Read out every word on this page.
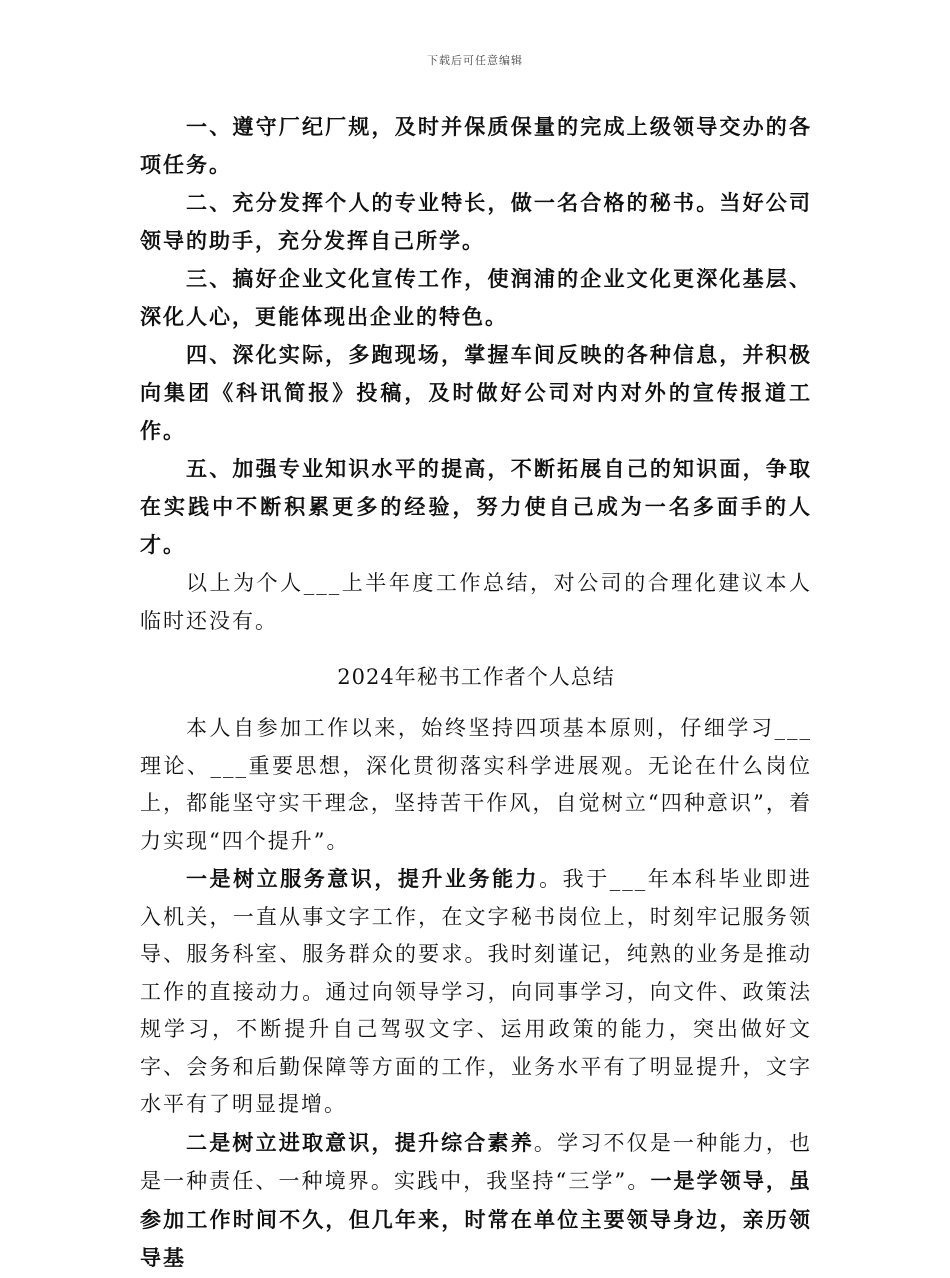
下载后可任意编辑

一、遵守厂纪厂规，及时并保质保量的完成上级领导交办的各项任务。

二、充分发挥个人的专业特长，做一名合格的秘书。当好公司领导的助手，充分发挥自己所学。

三、搞好企业文化宣传工作，使润浦的企业文化更深化基层、深化人心，更能体现出企业的特色。

四、深化实际，多跑现场，掌握车间反映的各种信息，并积极向集团《科讯简报》投稿，及时做好公司对内对外的宣传报道工作。

五、加强专业知识水平的提高，不断拓展自己的知识面，争取在实践中不断积累更多的经验，努力使自己成为一名多面手的人才。

以上为个人___上半年度工作总结，对公司的合理化建议本人临时还没有。

2024年秘书工作者个人总结

本人自参加工作以来，始终坚持四项基本原则，仔细学习___理论、___重要思想，深化贯彻落实科学进展观。无论在什么岗位上，都能坚守实干理念，坚持苦干作风，自觉树立“四种意识”，着力实现“四个提升”。

一是树立服务意识，提升业务能力。我于___年本科毕业即进入机关，一直从事文字工作，在文字秘书岗位上，时刻牢记服务领导、服务科室、服务群众的要求。我时刻谨记，纯熟的业务是推动工作的直接动力。通过向领导学习，向同事学习，向文件、政策法规学习，不断提升自己驾驭文字、运用政策的能力，突出做好文字、会务和后勤保障等方面的工作，业务水平有了明显提升，文字水平有了明显提增。

二是树立进取意识，提升综合素养。学习不仅是一种能力，也是一种责任、一种境界。实践中，我坚持“三学”。一是学领导，虽参加工作时间不久，但几年来，时常在单位主要领导身边，亲历领导基
